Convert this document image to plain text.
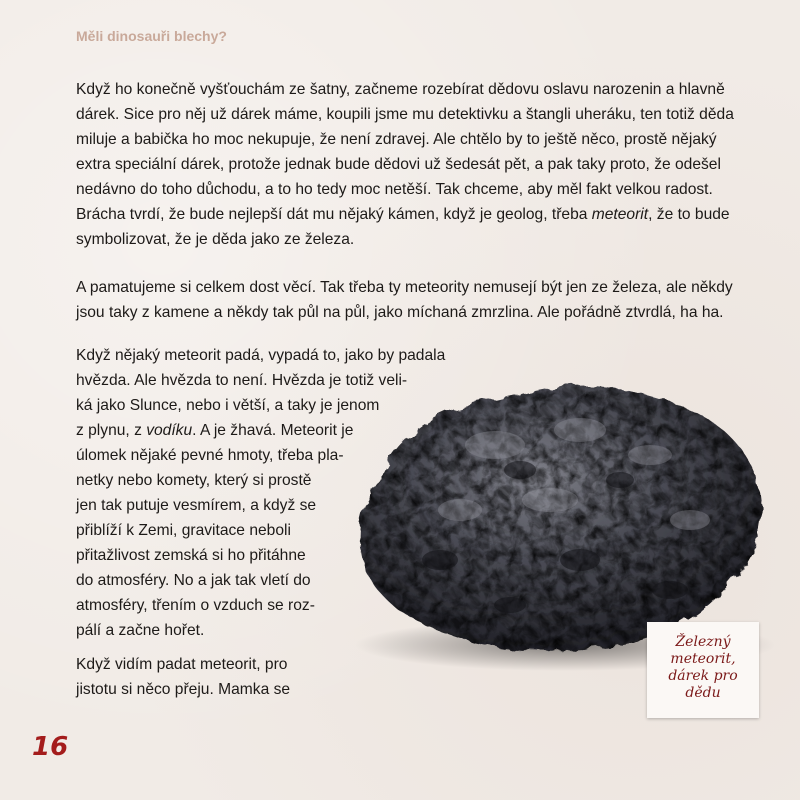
Měli dinosauři blechy?

Když ho konečně vyšťouchám ze šatny, začneme rozebírat dědovu oslavu narozenin a hlavně
dárek. Sice pro něj už dárek máme, koupili jsme mu detektivku a štangli uheráku, ten totiž děda
miluje a babička ho moc nekupuje, že není zdravej. Ale chtělo by to ještě něco, prostě nějaký
extra speciální dárek, protože jednak bude dědovi už šedesát pět, a pak taky proto, že odešel
nedávno do toho důchodu, a to ho tedy moc netěší. Tak chceme, aby měl fakt velkou radost.
Brácha tvrdí, že bude nejlepší dát mu nějaký kámen, když je geolog, třeba meteorit, že to bude
symbolizovat, že je děda jako ze železa.

A pamatujeme si celkem dost věcí. Tak třeba ty meteority nemusejí být jen ze železa, ale někdy
jsou taky z kamene a někdy tak půl na půl, jako míchaná zmrzlina. Ale pořádně ztvrdlá, ha ha.

Když nějaký meteorit padá, vypadá to, jako by padala
hvězda. Ale hvězda to není. Hvězda je totiž veli-
ká jako Slunce, nebo i větší, a taky je jenom
z plynu, z vodíku. A je žhavá. Meteorit je
úlomek nějaké pevné hmoty, třeba pla-
netky nebo komety, který si prostě
jen tak putuje vesmírem, a když se
přiblíží k Zemi, gravitace neboli
přitažlivost zemská si ho přitáhne
do atmosféry. No a jak tak vletí do
atmosféry, třením o vzduch se roz-
pálí a začne hořet.

Když vidím padat meteorit, pro
jistotu si něco přeju. Mamka se

Železný
meteorit,
dárek pro
dědu
16
